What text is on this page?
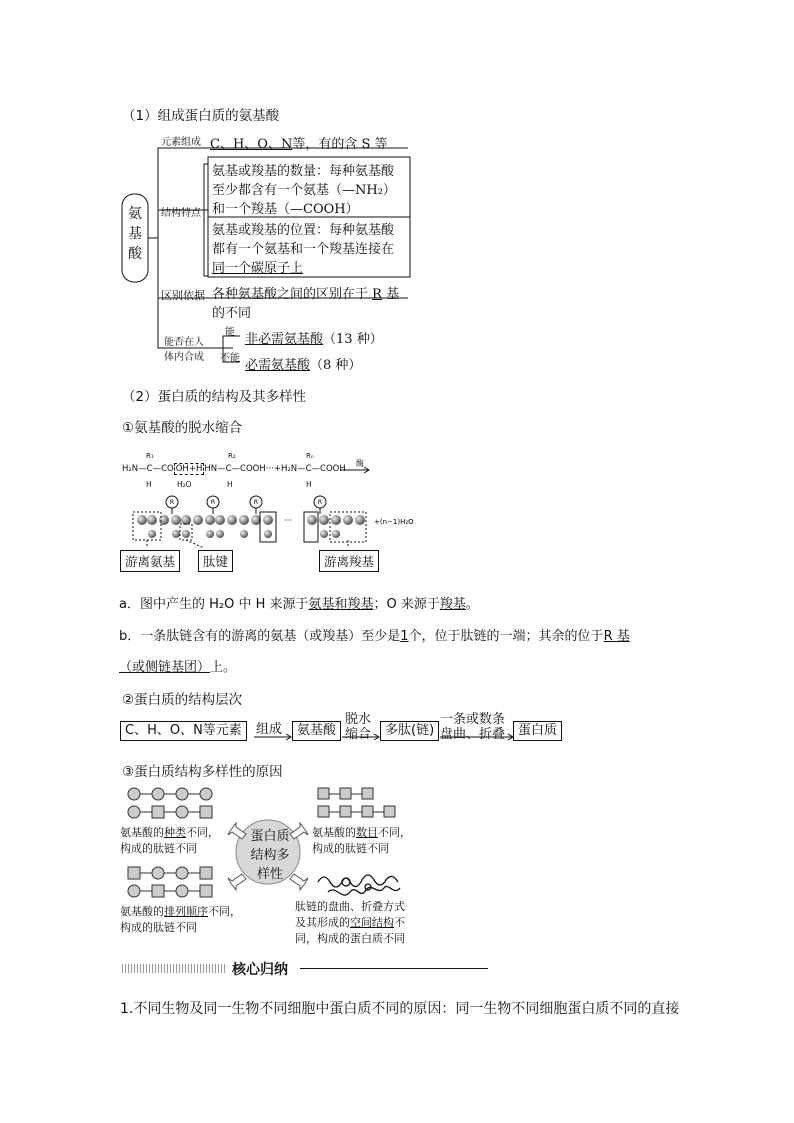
（1）组成蛋白质的氨基酸
氨
基
酸
元素组成 C、H、O、N等，有的含 S 等
结构特点
氨基或羧基的数量：每种氨基酸
至少都含有一个氨基（—NH₂）
和一个羧基（—COOH）
氨基或羧基的位置：每种氨基酸
都有一个氨基和一个羧基连接在
同一个碳原子上
区别依据 各种氨基酸之间的区别在于 R 基
的不同
能否在人
体内合成
能
不能
非必需氨基酸（13 种）
必需氨基酸（8 种）
（2）蛋白质的结构及其多样性
①氨基酸的脱水缩合
R₁	R₂	Rₙ
H₂N—C—CO OH+H HN—C—COOH···+H₂N—C—COOH
H₂O
H	H	H
酶
R	R	R	R
···	+(n−1)H₂O
游离氨基	肽键	游离羧基
a．图中产生的 H₂O 中 H 来源于氨基和羧基；O 来源于羧基。
b．一条肽链含有的游离的氨基（或羧基）至少是1个，位于肽链的一端；其余的位于R 基
（或侧链基团）上。
②蛋白质的结构层次
C、H、O、N等元素	组成	氨基酸
脱水
缩合	多肽(链)
一条或数条
盘曲、折叠 蛋白质
③蛋白质结构多样性的原因
蛋白质
结构多
样性
氨基酸的种类不同，
构成的肽链不同
氨基酸的数目不同，
构成的肽链不同
氨基酸的排列顺序不同，
构成的肽链不同
肽链的盘曲、折叠方式
及其形成的空间结构不
同，构成的蛋白质不同
核心归纳
1.不同生物及同一生物不同细胞中蛋白质不同的原因：同一生物不同细胞蛋白质不同的直接
